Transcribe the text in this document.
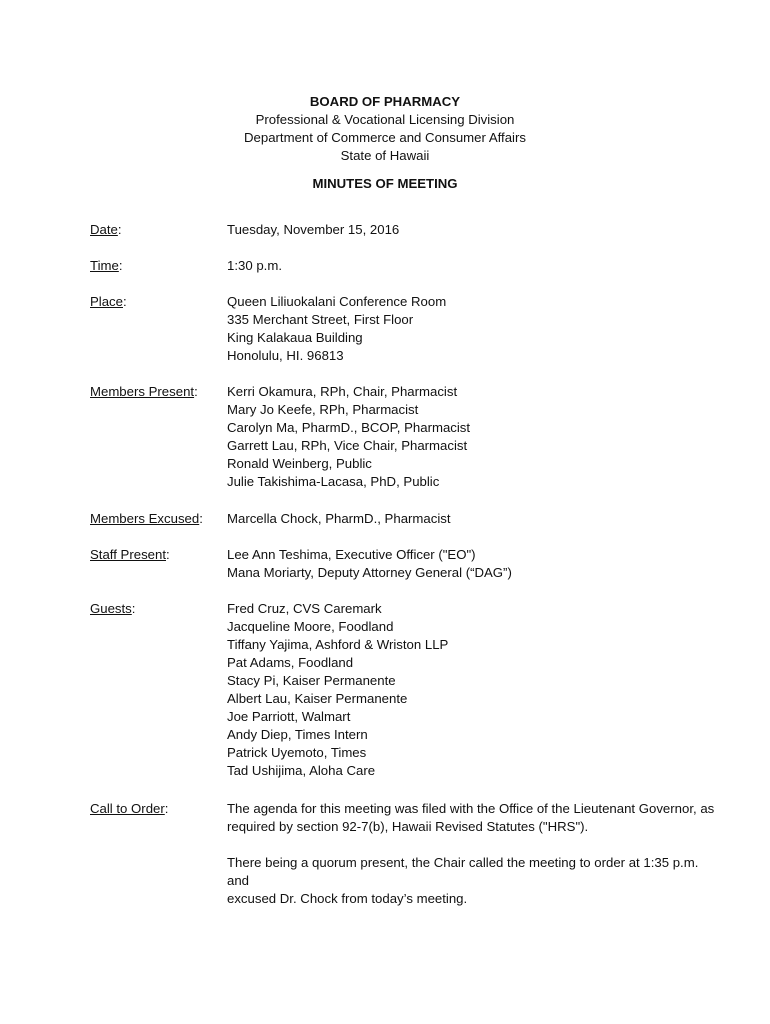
BOARD OF PHARMACY
Professional & Vocational Licensing Division
Department of Commerce and Consumer Affairs
State of Hawaii
MINUTES OF MEETING
Date:	Tuesday, November 15, 2016
Time:	1:30 p.m.
Place:	Queen Liliuokalani Conference Room
335 Merchant Street, First Floor
King Kalakaua Building
Honolulu, HI. 96813
Members Present: Kerri Okamura, RPh, Chair, Pharmacist
Mary Jo Keefe, RPh, Pharmacist
Carolyn Ma, PharmD., BCOP, Pharmacist
Garrett Lau, RPh, Vice Chair, Pharmacist
Ronald Weinberg, Public
Julie Takishima-Lacasa, PhD, Public
Members Excused: Marcella Chock, PharmD., Pharmacist
Staff Present:	Lee Ann Teshima, Executive Officer ("EO")
Mana Moriarty, Deputy Attorney General (“DAG”)
Guests:	Fred Cruz, CVS Caremark
Jacqueline Moore, Foodland
Tiffany Yajima, Ashford & Wriston LLP
Pat Adams, Foodland
Stacy Pi, Kaiser Permanente
Albert Lau, Kaiser Permanente
Joe Parriott, Walmart
Andy Diep, Times Intern
Patrick Uyemoto, Times
Tad Ushijima, Aloha Care
Call to Order:	The agenda for this meeting was filed with the Office of the Lieutenant Governor, as
required by section 92-7(b), Hawaii Revised Statutes ("HRS").

There being a quorum present, the Chair called the meeting to order at 1:35 p.m. and
excused Dr. Chock from today’s meeting.
